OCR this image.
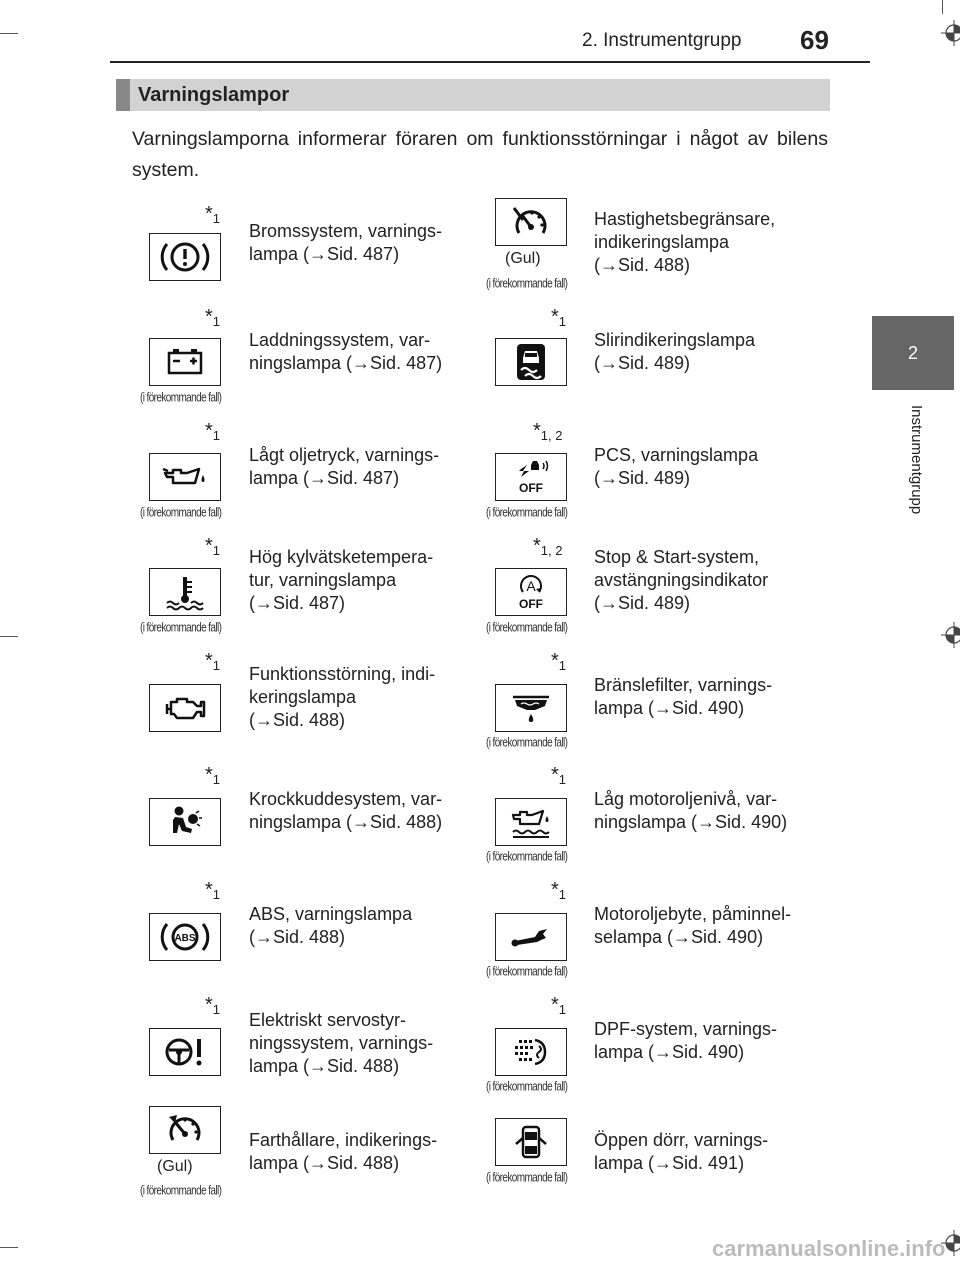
2. Instrumentgrupp 69
2
Instrumentgrupp
Varningslampor
Varningslamporna informerar föraren om funktionsstörningar i något av bilens system.
$*_1$
Bromssystem, varnings-
lampa (→Sid. 487)
$*_1$
(i förekommande fall)
Laddningssystem, var-
ningslampa (→Sid. 487)
$*_1$
(i förekommande fall)
Lågt oljetryck, varnings-
lampa (→Sid. 487)
$*_1$
(i förekommande fall)
Hög kylvätsketempera-
tur, varningslampa
(→Sid. 487)
$*_1$ Funktionsstörning, indi-
keringslampa
(→Sid. 488)
$*_1$
Krockkuddesystem, var-
ningslampa (→Sid. 488)
$*_1$
ABS
ABS, varningslampa
(→Sid. 488)
$*_1$
Elektriskt servostyr-
ningssystem, varnings-
lampa (→Sid. 488)
(Gul)
(i förekommande fall)
Farthållare, indikerings-
lampa (→Sid. 488)
(Gul)
(i förekommande fall)
Hastighetsbegränsare,
indikeringslampa
(→Sid. 488)
$*_1$
Slirindikeringslampa
(→Sid. 489)
$*_{1, 2}$
OFF
(i förekommande fall)
PCS, varningslampa
(→Sid. 489)
$*_{1, 2}$
A
OFF
(i förekommande fall)
Stop & Start-system,
avstängningsindikator
(→Sid. 489)
$*_1$
(i förekommande fall)
Bränslefilter, varnings-
lampa (→Sid. 490)
$*_1$
(i förekommande fall)
Låg motoroljenivå, var-
ningslampa (→Sid. 490)
$*_1$
(i förekommande fall)
Motoroljebyte, påminnel-
selampa (→Sid. 490)
$*_1$
(i förekommande fall)
DPF-system, varnings-
lampa (→Sid. 490)
(i förekommande fall)
Öppen dörr, varnings-
lampa (→Sid. 491)
carmanualsonline.info
